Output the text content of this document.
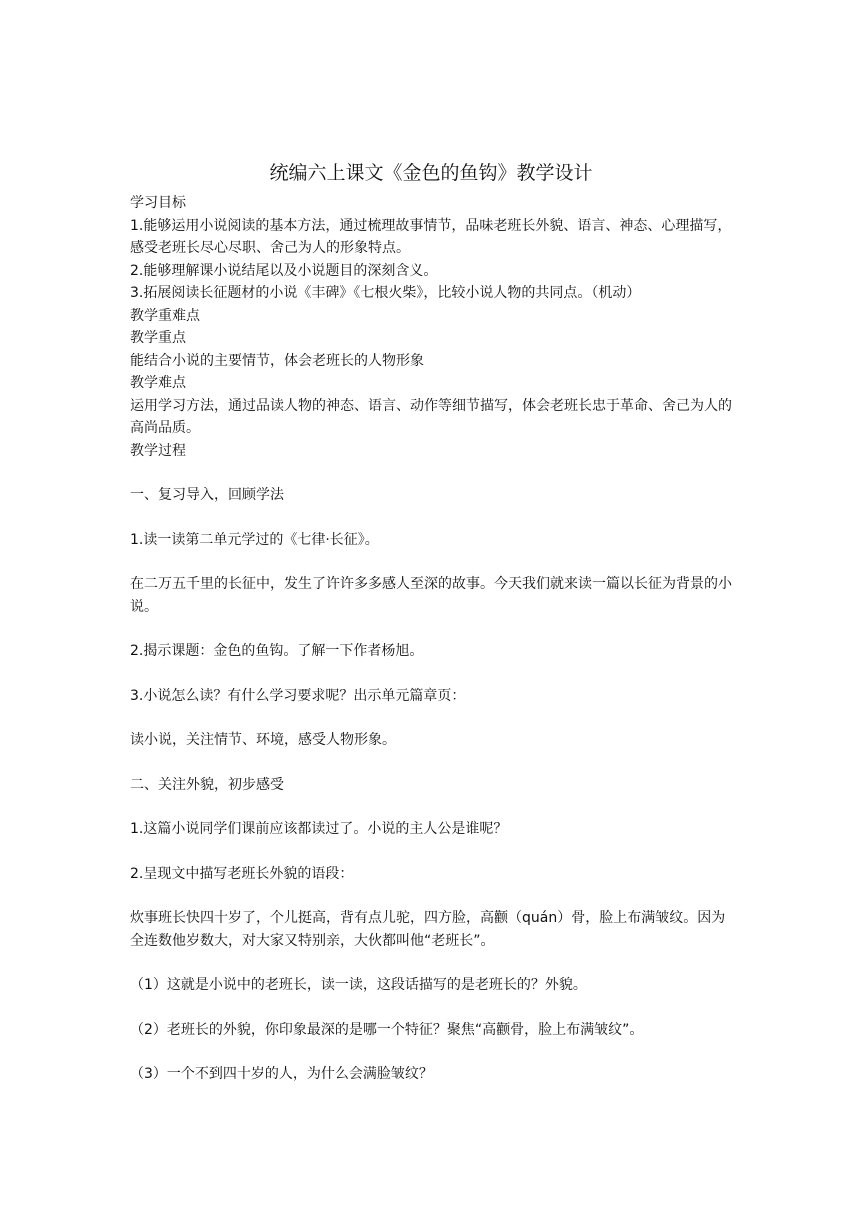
统编六上课文《金色的鱼钩》教学设计

学习目标

1.能够运用小说阅读的基本方法，通过梳理故事情节，品味老班长外貌、语言、神态、心理描写，感受老班长尽心尽职、舍己为人的形象特点。

2.能够理解课小说结尾以及小说题目的深刻含义。

3.拓展阅读长征题材的小说《丰碑》《七根火柴》，比较小说人物的共同点。（机动）

教学重难点

教学重点

能结合小说的主要情节，体会老班长的人物形象

教学难点

运用学习方法，通过品读人物的神态、语言、动作等细节描写，体会老班长忠于革命、舍己为人的高尚品质。

教学过程

一、复习导入，回顾学法

1.读一读第二单元学过的《七律·长征》。

在二万五千里的长征中，发生了许许多多感人至深的故事。今天我们就来读一篇以长征为背景的小说。

2.揭示课题：金色的鱼钩。了解一下作者杨旭。

3.小说怎么读？有什么学习要求呢？出示单元篇章页：

读小说，关注情节、环境，感受人物形象。

二、关注外貌，初步感受

1.这篇小说同学们课前应该都读过了。小说的主人公是谁呢？

2.呈现文中描写老班长外貌的语段：

炊事班长快四十岁了，个儿挺高，背有点儿驼，四方脸，高颧（quán）骨，脸上布满皱纹。因为全连数他岁数大，对大家又特别亲，大伙都叫他“老班长”。

（1）这就是小说中的老班长，读一读，这段话描写的是老班长的？外貌。

（2）老班长的外貌，你印象最深的是哪一个特征？聚焦“高颧骨，脸上布满皱纹”。

（3）一个不到四十岁的人，为什么会满脸皱纹？
